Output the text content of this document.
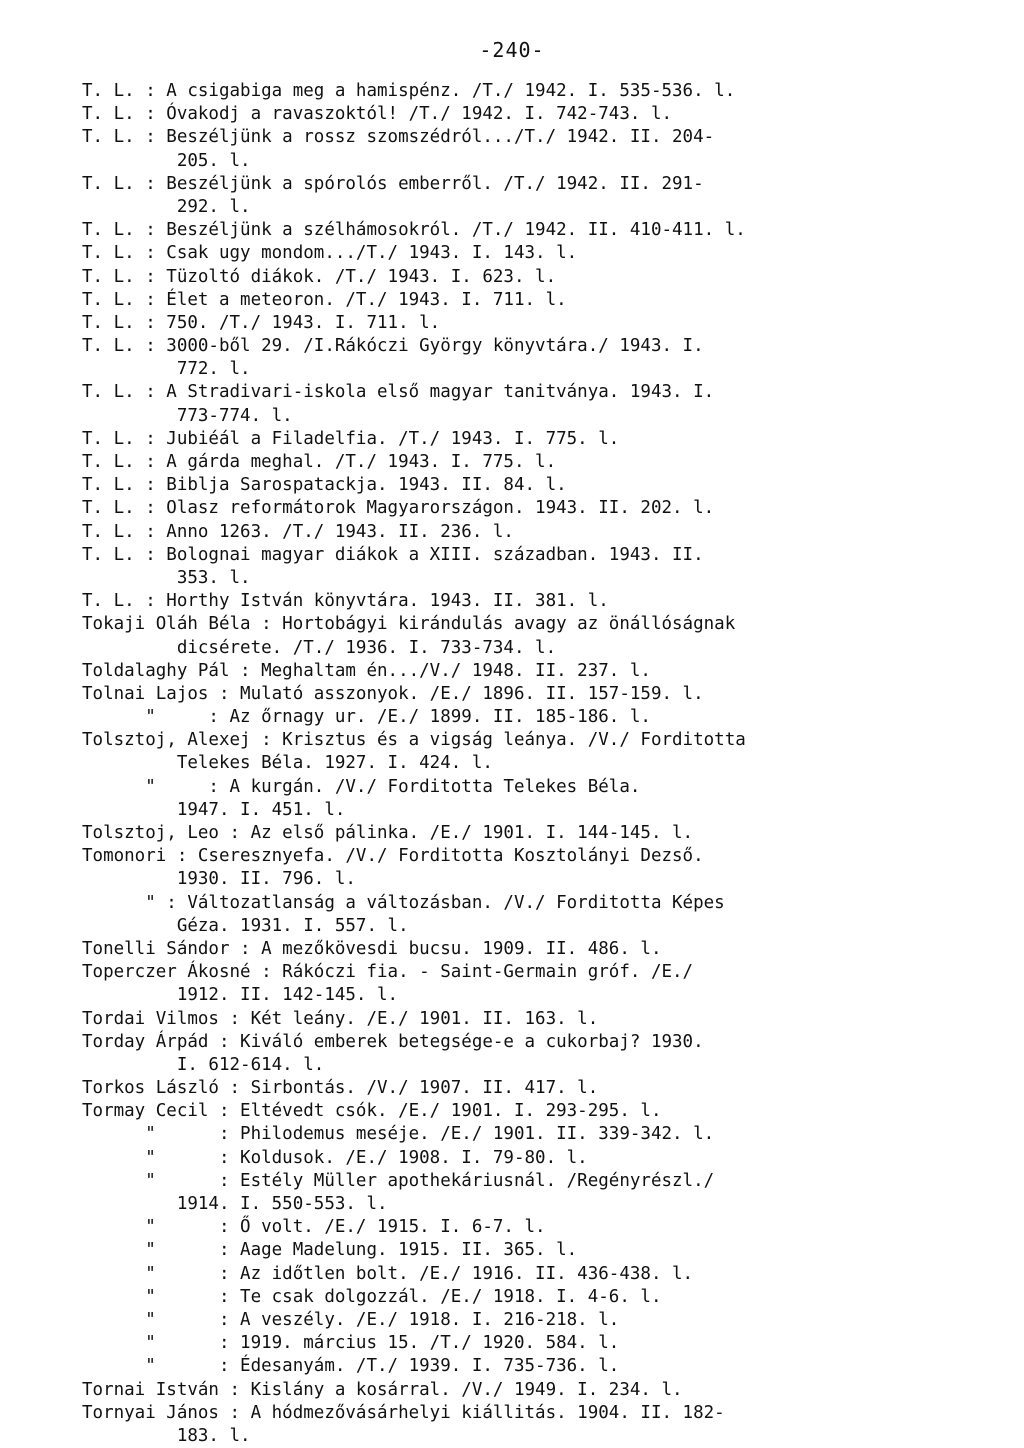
-240-
T. L. : A csigabiga meg a hamispénz. /T./ 1942. I. 535-536. l.
T. L. : Óvakodj a ravaszoktól! /T./ 1942. I. 742-743. l.
T. L. : Beszéljünk a rossz szomszédról.../T./ 1942. II. 204-
205. l.
T. L. : Beszéljünk a spórolós emberről. /T./ 1942. II. 291-
292. l.
T. L. : Beszéljünk a szélhámosokról. /T./ 1942. II. 410-411. l.
T. L. : Csak ugy mondom.../T./ 1943. I. 143. l.
T. L. : Tüzoltó diákok. /T./ 1943. I. 623. l.
T. L. : Élet a meteoron. /T./ 1943. I. 711. l.
T. L. : 750. /T./ 1943. I. 711. l.
T. L. : 3000-ből 29. /I.Rákóczi György könyvtára./ 1943. I.
772. l.
T. L. : A Stradivari-iskola első magyar tanitványa. 1943. I.
773-774. l.
T. L. : Jubiéál a Filadelfia. /T./ 1943. I. 775. l.
T. L. : A gárda meghal. /T./ 1943. I. 775. l.
T. L. : Biblja Sarospatackja. 1943. II. 84. l.
T. L. : Olasz reformátorok Magyarországon. 1943. II. 202. l.
T. L. : Anno 1263. /T./ 1943. II. 236. l.
T. L. : Bolognai magyar diákok a XIII. században. 1943. II.
353. l.
T. L. : Horthy István könyvtára. 1943. II. 381. l.
Tokaji Oláh Béla : Hortobágyi kirándulás avagy az önállóságnak
dicsérete. /T./ 1936. I. 733-734. l.
Toldalaghy Pál : Meghaltam én.../V./ 1948. II. 237. l.
Tolnai Lajos : Mulató asszonyok. /E./ 1896. II. 157-159. l.
"     : Az őrnagy ur. /E./ 1899. II. 185-186. l.
Tolsztoj, Alexej : Krisztus és a vigság leánya. /V./ Forditotta
Telekes Béla. 1927. I. 424. l.
"     : A kurgán. /V./ Forditotta Telekes Béla.
1947. I. 451. l.
Tolsztoj, Leo : Az első pálinka. /E./ 1901. I. 144-145. l.
Tomonori : Cseresznyefa. /V./ Forditotta Kosztolányi Dezső.
1930. II. 796. l.
" : Változatlanság a változásban. /V./ Forditotta Képes
Géza. 1931. I. 557. l.
Tonelli Sándor : A mezőkövesdi bucsu. 1909. II. 486. l.
Toperczer Ákosné : Rákóczi fia. - Saint-Germain gróf. /E./
1912. II. 142-145. l.
Tordai Vilmos : Két leány. /E./ 1901. II. 163. l.
Torday Árpád : Kiváló emberek betegsége-e a cukorbaj? 1930.
I. 612-614. l.
Torkos László : Sirbontás. /V./ 1907. II. 417. l.
Tormay Cecil : Eltévedt csók. /E./ 1901. I. 293-295. l.
"      : Philodemus meséje. /E./ 1901. II. 339-342. l.
"      : Koldusok. /E./ 1908. I. 79-80. l.
"      : Estély Müller apothekáriusnál. /Regényrészl./
1914. I. 550-553. l.
"      : Ő volt. /E./ 1915. I. 6-7. l.
"      : Aage Madelung. 1915. II. 365. l.
"      : Az időtlen bolt. /E./ 1916. II. 436-438. l.
"      : Te csak dolgozzál. /E./ 1918. I. 4-6. l.
"      : A veszély. /E./ 1918. I. 216-218. l.
"      : 1919. március 15. /T./ 1920. 584. l.
"      : Édesanyám. /T./ 1939. I. 735-736. l.
Tornai István : Kislány a kosárral. /V./ 1949. I. 234. l.
Tornyai János : A hódmezővásárhelyi kiállitás. 1904. II. 182-
183. l.
